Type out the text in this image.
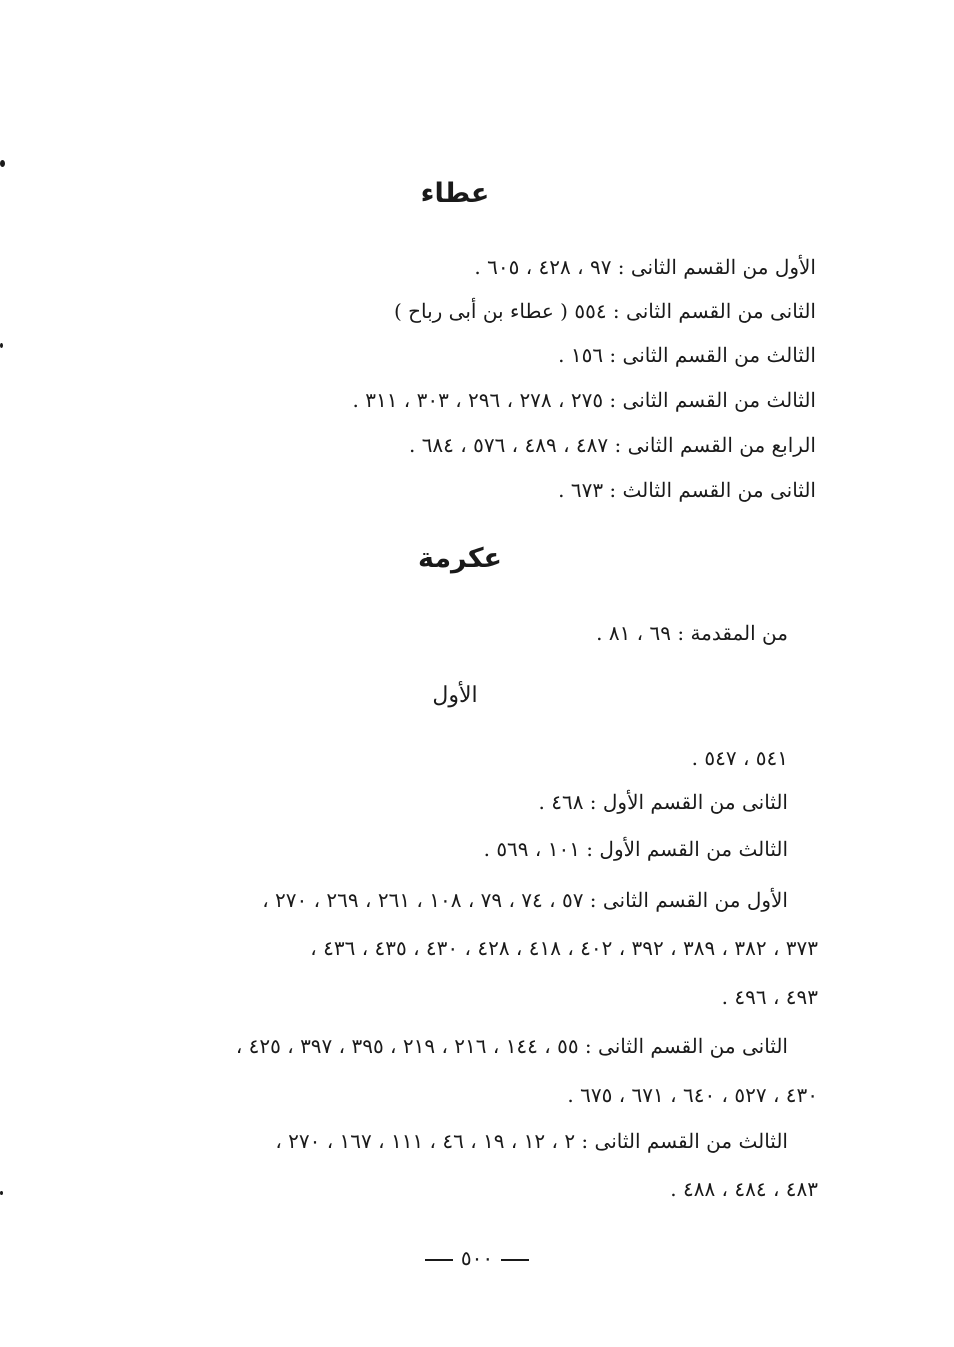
عطاء
الأول من القسم الثانى : ٩٧ ، ٤٢٨ ، ٦٠٥ .
الثانى من القسم الثانى : ٥٥٤ ( عطاء بن أبى رباح )
الثالث من القسم الثانى : ١٥٦ .
الثالث من القسم الثانى : ٢٧٥ ، ٢٧٨ ، ٢٩٦ ، ٣٠٣ ، ٣١١ .
الرابع من القسم الثانى : ٤٨٧ ، ٤٨٩ ، ٥٧٦ ، ٦٨٤ .
الثانى من القسم الثالث : ٦٧٣ .
عكرمة
من المقدمة : ٦٩ ، ٨١ .
الأول
٥٤١ ، ٥٤٧ .
الثانى من القسم الأول : ٤٦٨ .
الثالث من القسم الأول : ١٠١ ، ٥٦٩ .
الأول من القسم الثانى : ٥٧ ، ٧٤ ، ٧٩ ، ١٠٨ ، ٢٦١ ، ٢٦٩ ، ٢٧٠ ،
٣٧٣ ، ٣٨٢ ، ٣٨٩ ، ٣٩٢ ، ٤٠٢ ، ٤١٨ ، ٤٢٨ ، ٤٣٠ ، ٤٣٥ ، ٤٣٦ ،
٤٩٣ ، ٤٩٦ .
الثانى من القسم الثانى : ٥٥ ، ١٤٤ ، ٢١٦ ، ٢١٩ ، ٣٩٥ ، ٣٩٧ ، ٤٢٥ ،
٤٣٠ ، ٥٢٧ ، ٦٤٠ ، ٦٧١ ، ٦٧٥ .
الثالث من القسم الثانى : ٢ ، ١٢ ، ١٩ ، ٤٦ ، ١١١ ، ١٦٧ ، ٢٧٠ ،
٤٨٣ ، ٤٨٤ ، ٤٨٨ .
٥٠٠
